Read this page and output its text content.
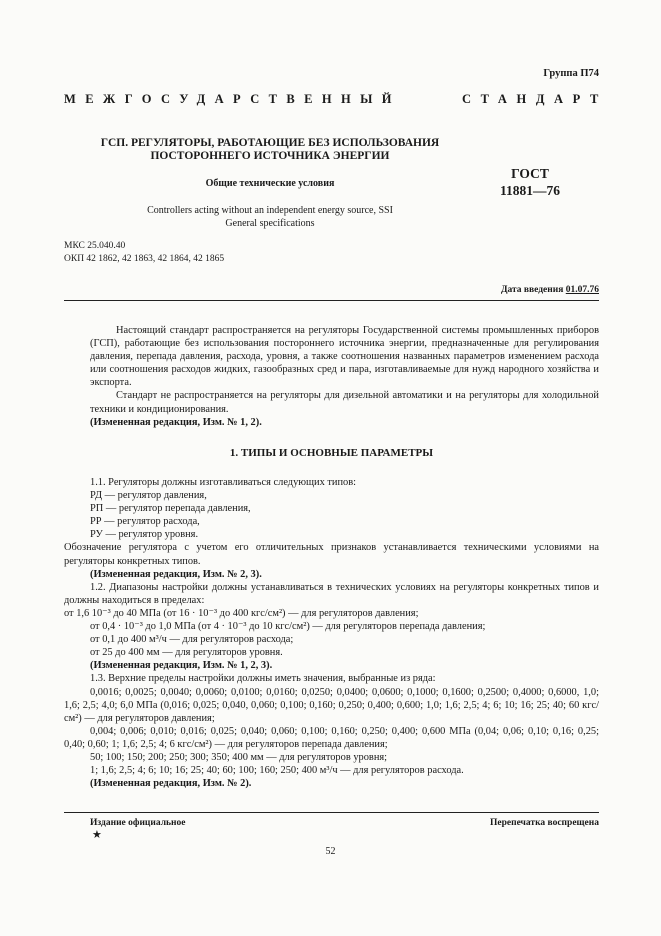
Группа П74
МЕЖГОСУДАРСТВЕННЫЙ	СТАНДАРТ
ГСП. РЕГУЛЯТОРЫ, РАБОТАЮЩИЕ БЕЗ ИСПОЛЬЗОВАНИЯ
ПОСТОРОННЕГО ИСТОЧНИКА ЭНЕРГИИ
Общие технические условия
ГОСТ
11881—76
Controllers acting without an independent energy source, SSI
General specifications
МКС 25.040.40
ОКП 42 1862, 42 1863, 42 1864, 42 1865
Дата введения 01.07.76

Настоящий стандарт распространяется на регуляторы Государственной системы промышленных приборов (ГСП), работающие без использования постороннего источника энергии, предназначенные для регулирования давления, перепада давления, расхода, уровня, а также соотношения названных параметров изменением расхода или соотношения расходов жидких, газообразных сред и пара, изготавливаемые для нужд народного хозяйства и экспорта.

Стандарт не распространяется на регуляторы для дизельной автоматики и на регуляторы для холодильной техники и кондиционирования.

(Измененная редакция, Изм. № 1, 2).

1. ТИПЫ И ОСНОВНЫЕ ПАРАМЕТРЫ

1.1. Регуляторы должны изготавливаться следующих типов:

РД — регулятор давления,

РП — регулятор перепада давления,

РР — регулятор расхода,

РУ — регулятор уровня.

Обозначение регулятора с учетом его отличительных признаков устанавливается техническими условиями на регуляторы конкретных типов.

(Измененная редакция, Изм. № 2, 3).

1.2. Диапазоны настройки должны устанавливаться в технических условиях на регуляторы конкретных типов и должны находиться в пределах:

от 1,6 10⁻³ до 40 МПа (от 16 · 10⁻³ до 400 кгс/см²) — для регуляторов давления;

от 0,4 · 10⁻³ до 1,0 МПа (от 4 · 10⁻³ до 10 кгс/см²) — для регуляторов перепада давления;

от 0,1 до 400 м³/ч — для регуляторов расхода;

от 25 до 400 мм — для регуляторов уровня.

(Измененная редакция, Изм. № 1, 2, 3).

1.3. Верхние пределы настройки должны иметь значения, выбранные из ряда:

0,0016; 0,0025; 0,0040; 0,0060; 0,0100; 0,0160; 0,0250; 0,0400; 0,0600; 0,1000; 0,1600; 0,2500; 0,4000; 0,6000, 1,0; 1,6; 2,5; 4,0; 6,0 МПа (0,016; 0,025; 0,040, 0,060; 0,100; 0,160; 0,250; 0,400; 0,600; 1,0; 1,6; 2,5; 4; 6; 10; 16; 25; 40; 60 кгс/см²) — для регуляторов давления;

0,004; 0,006; 0,010; 0,016; 0,025; 0,040; 0,060; 0,100; 0,160; 0,250; 0,400; 0,600 МПа (0,04; 0,06; 0,10; 0,16; 0,25; 0,40; 0,60; 1; 1,6; 2,5; 4; 6 кгс/см²) — для регуляторов перепада давления;

50; 100; 150; 200; 250; 300; 350; 400 мм — для регуляторов уровня;

1; 1,6; 2,5; 4; 6; 10; 16; 25; 40; 60; 100; 160; 250; 400 м³/ч — для регуляторов расхода.

(Измененная редакция, Изм. № 2).

Издание официальное
★
Перепечатка воспрещена
52
